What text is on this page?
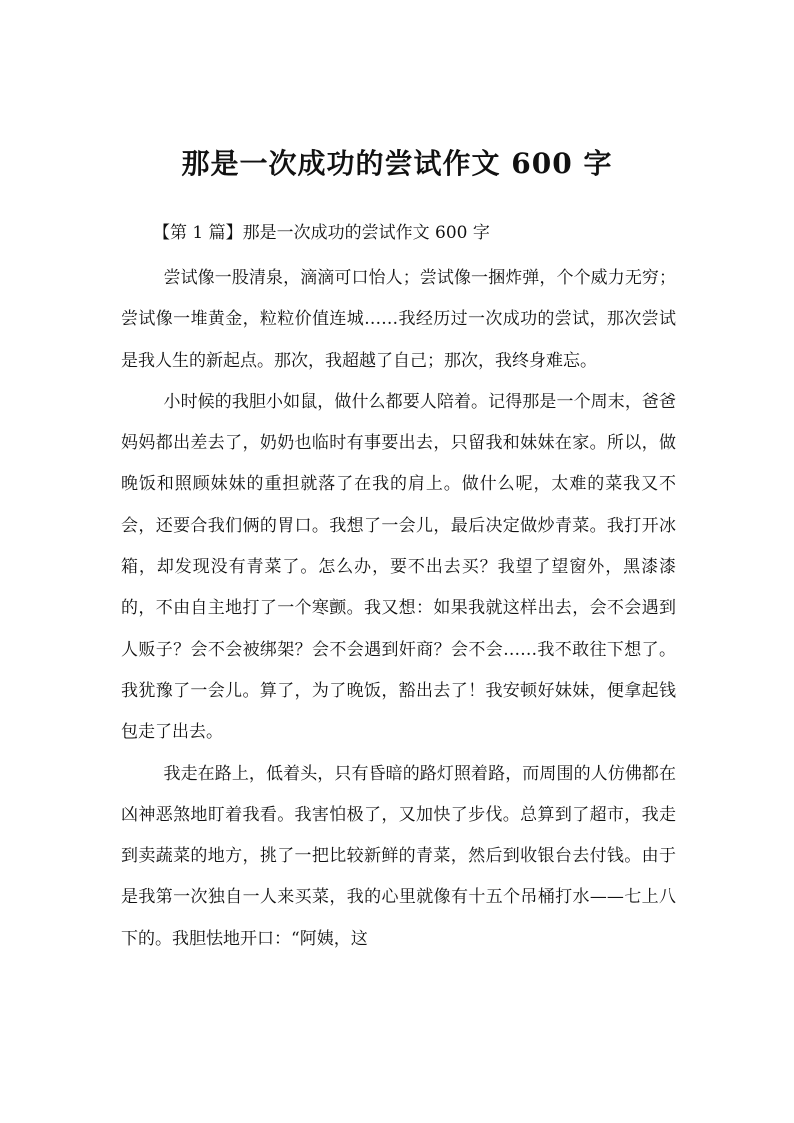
那是一次成功的尝试作文 600 字

【第 1 篇】那是一次成功的尝试作文 600 字

尝试像一股清泉，滴滴可口怡人；尝试像一捆炸弹，个个威力无穷；尝试像一堆黄金，粒粒价值连城……我经历过一次成功的尝试，那次尝试是我人生的新起点。那次，我超越了自己；那次，我终身难忘。

小时候的我胆小如鼠，做什么都要人陪着。记得那是一个周末，爸爸妈妈都出差去了，奶奶也临时有事要出去，只留我和妹妹在家。所以，做晚饭和照顾妹妹的重担就落了在我的肩上。做什么呢，太难的菜我又不会，还要合我们俩的胃口。我想了一会儿，最后决定做炒青菜。我打开冰箱，却发现没有青菜了。怎么办，要不出去买？我望了望窗外，黑漆漆的，不由自主地打了一个寒颤。我又想：如果我就这样出去，会不会遇到人贩子？会不会被绑架？会不会遇到奸商？会不会……我不敢往下想了。我犹豫了一会儿。算了，为了晚饭，豁出去了！我安顿好妹妹，便拿起钱包走了出去。

我走在路上，低着头，只有昏暗的路灯照着路，而周围的人仿佛都在凶神恶煞地盯着我看。我害怕极了，又加快了步伐。总算到了超市，我走到卖蔬菜的地方，挑了一把比较新鲜的青菜，然后到收银台去付钱。由于是我第一次独自一人来买菜，我的心里就像有十五个吊桶打水——七上八下的。我胆怯地开口：“阿姨，这
